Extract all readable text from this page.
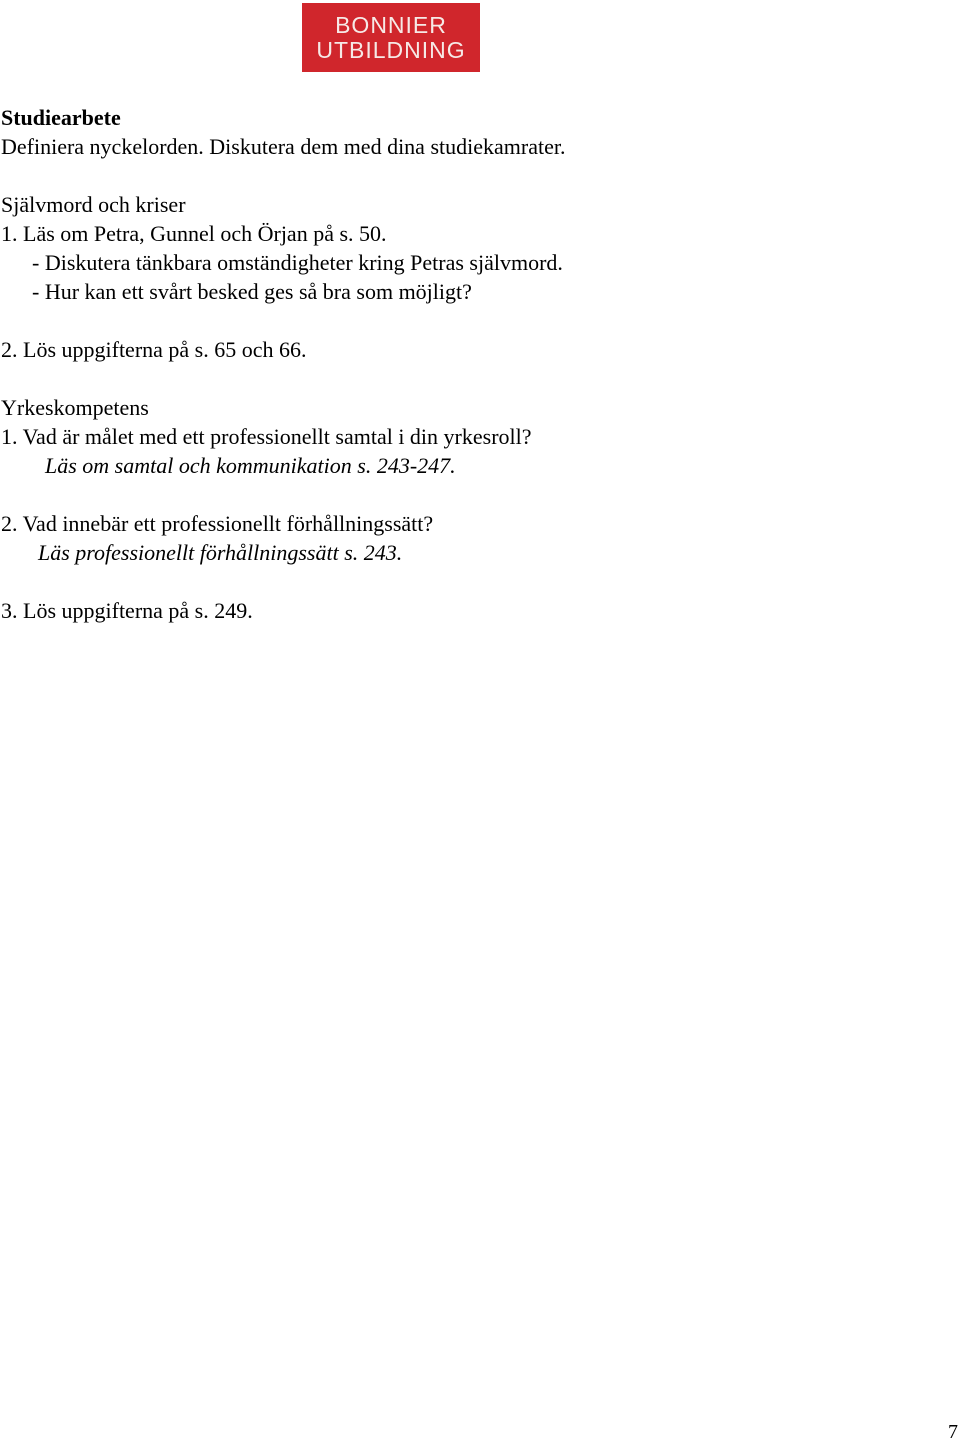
BONNIER
UTBILDNING
Studiearbete
Definiera nyckelorden. Diskutera dem med dina studiekamrater.
Självmord och kriser
1. Läs om Petra, Gunnel och Örjan på s. 50.
- Diskutera tänkbara omständigheter kring Petras självmord.
- Hur kan ett svårt besked ges så bra som möjligt?
2. Lös uppgifterna på s. 65 och 66.
Yrkeskompetens
1. Vad är målet med ett professionellt samtal i din yrkesroll?
Läs om samtal och kommunikation s. 243-247.
2. Vad innebär ett professionellt förhållningssätt?
Läs professionellt förhållningssätt s. 243.
3. Lös uppgifterna på s. 249.
7
